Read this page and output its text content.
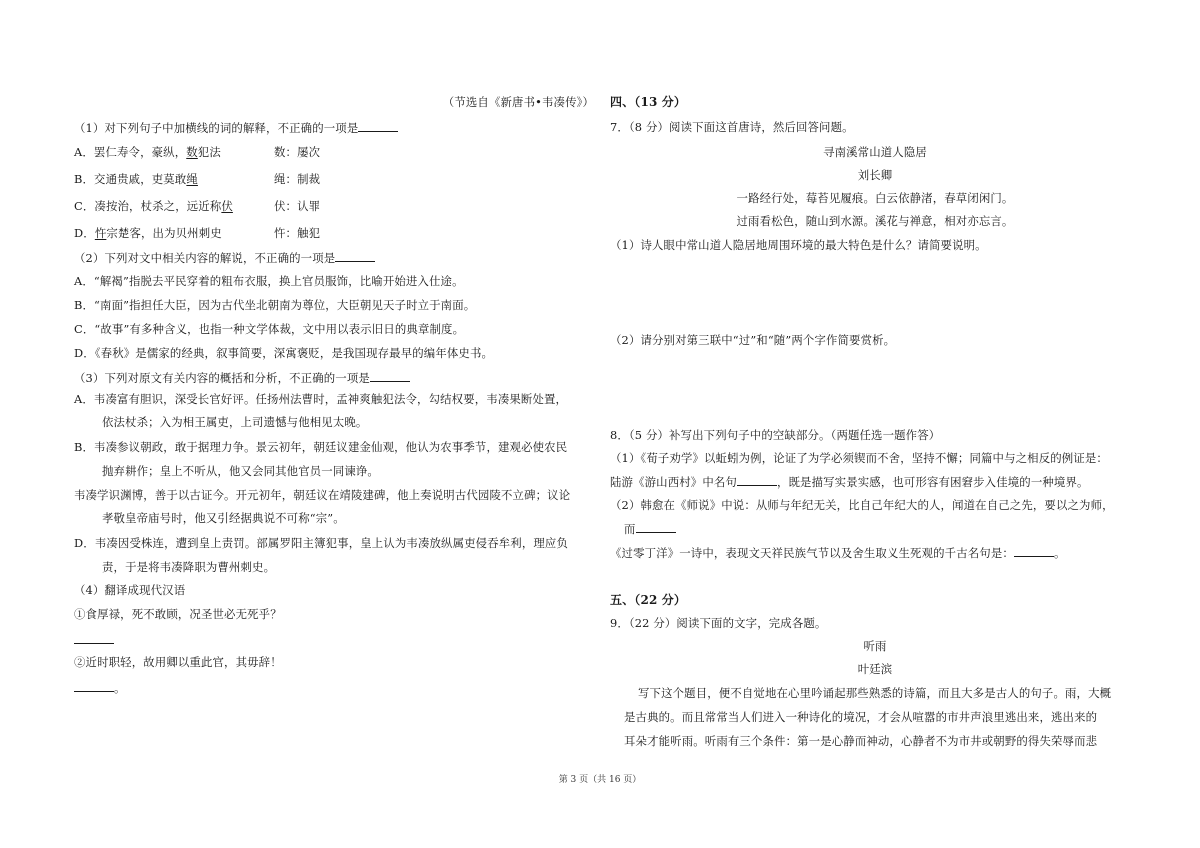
（节选自《新唐书•韦凑传》）
（1）对下列句子中加横线的词的解释，不正确的一项是
A．罢仁寿令，豪纵，数犯法	数：屡次
B．交通贵戚，吏莫敢绳	绳：制裁
C．凑按治，杖杀之，远近称伏	伏：认罪
D．忤宗楚客，出为贝州刺史	忤：触犯
（2）下列对文中相关内容的解说，不正确的一项是
A．“解褐”指脱去平民穿着的粗布衣服，换上官员服饰，比喻开始进入仕途。
B．“南面”指担任大臣，因为古代坐北朝南为尊位，大臣朝见天子时立于南面。
C．“故事”有多种含义，也指一种文学体裁，文中用以表示旧日的典章制度。
D．《春秋》是儒家的经典，叙事简要，深寓褒贬，是我国现存最早的编年体史书。
（3）下列对原文有关内容的概括和分析，不正确的一项是
A．韦凑富有胆识，深受长官好评。任扬州法曹时，孟神爽触犯法令，勾结权要，韦凑果断处置，
依法杖杀；入为相王属吏，上司遗憾与他相见太晚。
B．韦凑参议朝政，敢于据理力争。景云初年，朝廷议建金仙观，他认为农事季节，建观必使农民
抛弃耕作；皇上不听从，他又会同其他官员一同谏诤。
韦凑学识渊博，善于以古证今。开元初年，朝廷议在靖陵建碑，他上奏说明古代园陵不立碑；议论
孝敬皇帝庙号时，他又引经据典说不可称“宗”。
D．韦凑因受株连，遭到皇上责罚。部属罗阳主簿犯事，皇上认为韦凑放纵属吏侵吞牟利，理应负
责，于是将韦凑降职为曹州刺史。
（4）翻译成现代汉语
①食厚禄，死不敢顾，况圣世必无死乎？
②近时职轻，故用卿以重此官，其毋辞！
。
四、（13 分）
7．（8 分）阅读下面这首唐诗，然后回答问题。
寻南溪常山道人隐居
刘长卿
一路经行处，莓苔见履痕。白云依静渚，春草闭闲门。
过雨看松色，随山到水源。溪花与禅意，相对亦忘言。
（1）诗人眼中常山道人隐居地周围环境的最大特色是什么？请简要说明。
（2）请分别对第三联中“过”和“随”两个字作简要赏析。
8．（5 分）补写出下列句子中的空缺部分。（两题任选一题作答）
（1）《荀子劝学》以蚯蚓为例，论证了为学必须锲而不舍，坚持不懈；同篇中与之相反的例证是：
陆游《游山西村》中名句	，既是描写实景实感，也可形容有困窘步入佳境的一种境界。
（2）韩愈在《师说》中说：从师与年纪无关，比自己年纪大的人，闻道在自己之先，要以之为师，
而
《过零丁洋》一诗中，表现文天祥民族气节以及舍生取义生死观的千古名句是：	。
五、（22 分）
9．（22 分）阅读下面的文字，完成各题。
听雨
叶廷滨
写下这个题目，便不自觉地在心里吟诵起那些熟悉的诗篇，而且大多是古人的句子。雨，大概
是古典的。而且常常当人们进入一种诗化的境况，才会从喧嚣的市井声浪里逃出来，逃出来的
耳朵才能听雨。听雨有三个条件：第一是心静而神动，心静者不为市井或朝野的得失荣辱而悲
第 3 页（共 16 页）
